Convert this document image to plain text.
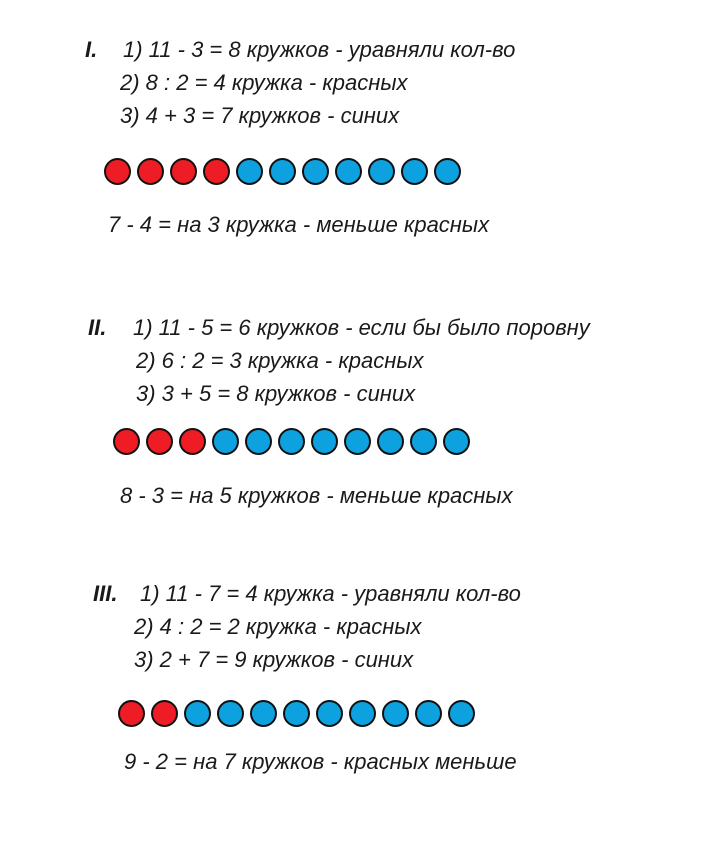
I. 1) 11 - 3 = 8 кружков - уравняли кол-во
2) 8 : 2 = 4 кружка - красных
3) 4 + 3 = 7 кружков - синих
7 - 4 = на 3 кружка - меньше красных
II. 1) 11 - 5 = 6 кружков - если бы было поровну
2) 6 : 2 = 3 кружка - красных
3) 3 + 5 = 8 кружков - синих
8 - 3 = на 5 кружков - меньше красных
III. 1) 11 - 7 = 4 кружка - уравняли кол-во
2) 4 : 2 = 2 кружка - красных
3) 2 + 7 = 9 кружков - синих
9 - 2 = на 7 кружков - красных меньше
